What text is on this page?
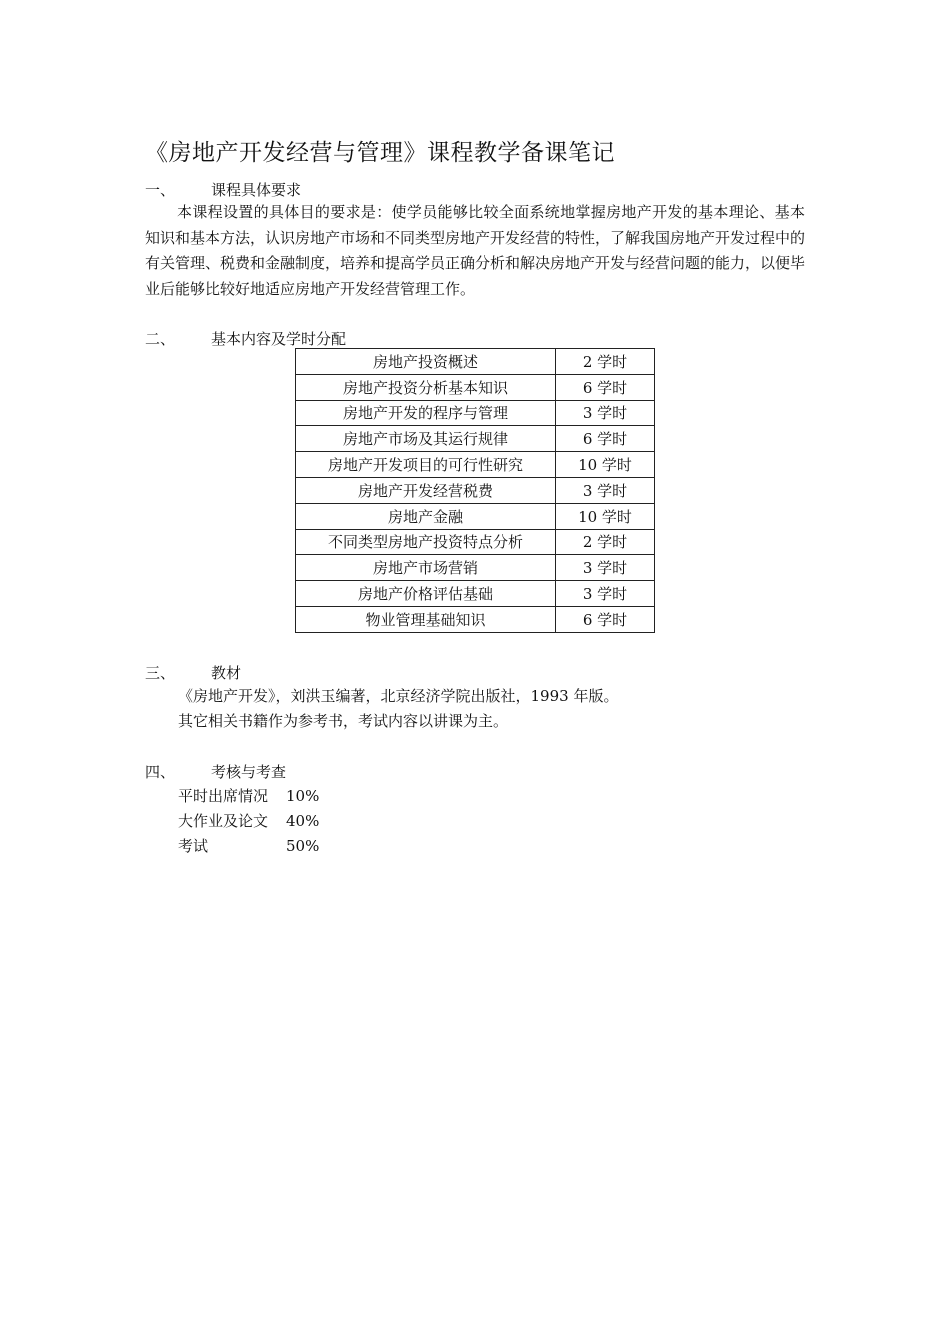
《房地产开发经营与管理》课程教学备课笔记
一、 课程具体要求

本课程设置的具体目的要求是：使学员能够比较全面系统地掌握房地产开发的基本理论、基本知识和基本方法，认识房地产市场和不同类型房地产开发经营的特性，了解我国房地产开发过程中的有关管理、税费和金融制度，培养和提高学员正确分析和解决房地产开发与经营问题的能力，以便毕业后能够比较好地适应房地产开发经营管理工作。

二、 基本内容及学时分配
房地产投资概述	2 学时
房地产投资分析基本知识	6 学时
房地产开发的程序与管理	3 学时
房地产市场及其运行规律	6 学时
房地产开发项目的可行性研究	10 学时
房地产开发经营税费	3 学时
房地产金融	10 学时
不同类型房地产投资特点分析	2 学时
房地产市场营销	3 学时
房地产价格评估基础	3 学时
物业管理基础知识	6 学时
三、 教材
《房地产开发》，刘洪玉编著，北京经济学院出版社，1993 年版。
其它相关书籍作为参考书，考试内容以讲课为主。
四、 考核与考查
平时出席情况 10%
大作业及论文 40%
考试	50%
